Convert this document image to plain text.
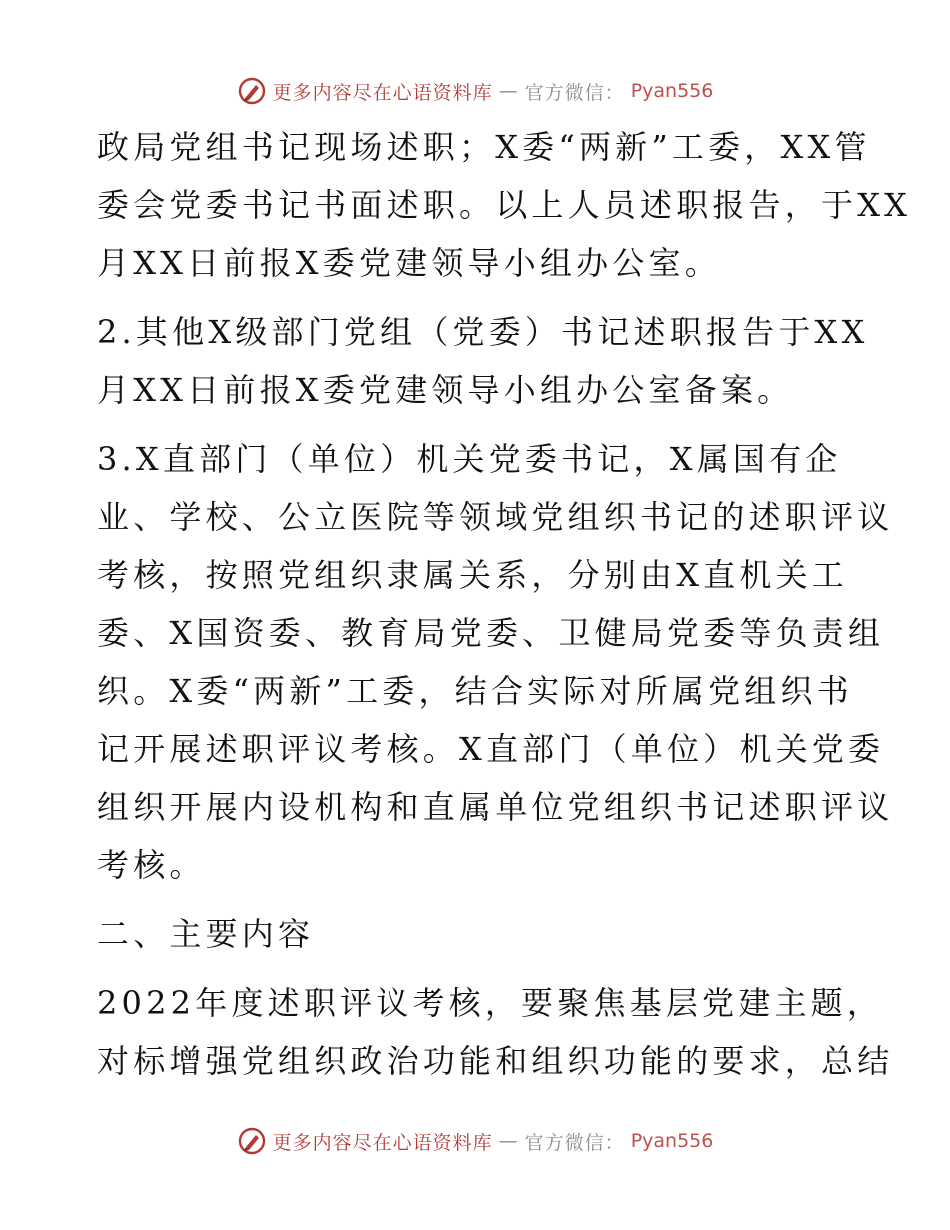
更多内容尽在心语资料库 — 官方微信： Pyan556

政局党组书记现场述职；X委“两新”工委，XX管
委会党委书记书面述职。以上人员述职报告，于XX
月XX日前报X委党建领导小组办公室。

2.其他X级部门党组（党委）书记述职报告于XX
月XX日前报X委党建领导小组办公室备案。

3.X直部门（单位）机关党委书记，X属国有企
业、学校、公立医院等领域党组织书记的述职评议
考核，按照党组织隶属关系，分别由X直机关工
委、X国资委、教育局党委、卫健局党委等负责组
织。X委“两新”工委，结合实际对所属党组织书
记开展述职评议考核。X直部门（单位）机关党委
组织开展内设机构和直属单位党组织书记述职评议
考核。

二、主要内容

2022年度述职评议考核，要聚焦基层党建主题，
对标增强党组织政治功能和组织功能的要求，总结

更多内容尽在心语资料库 — 官方微信： Pyan556
